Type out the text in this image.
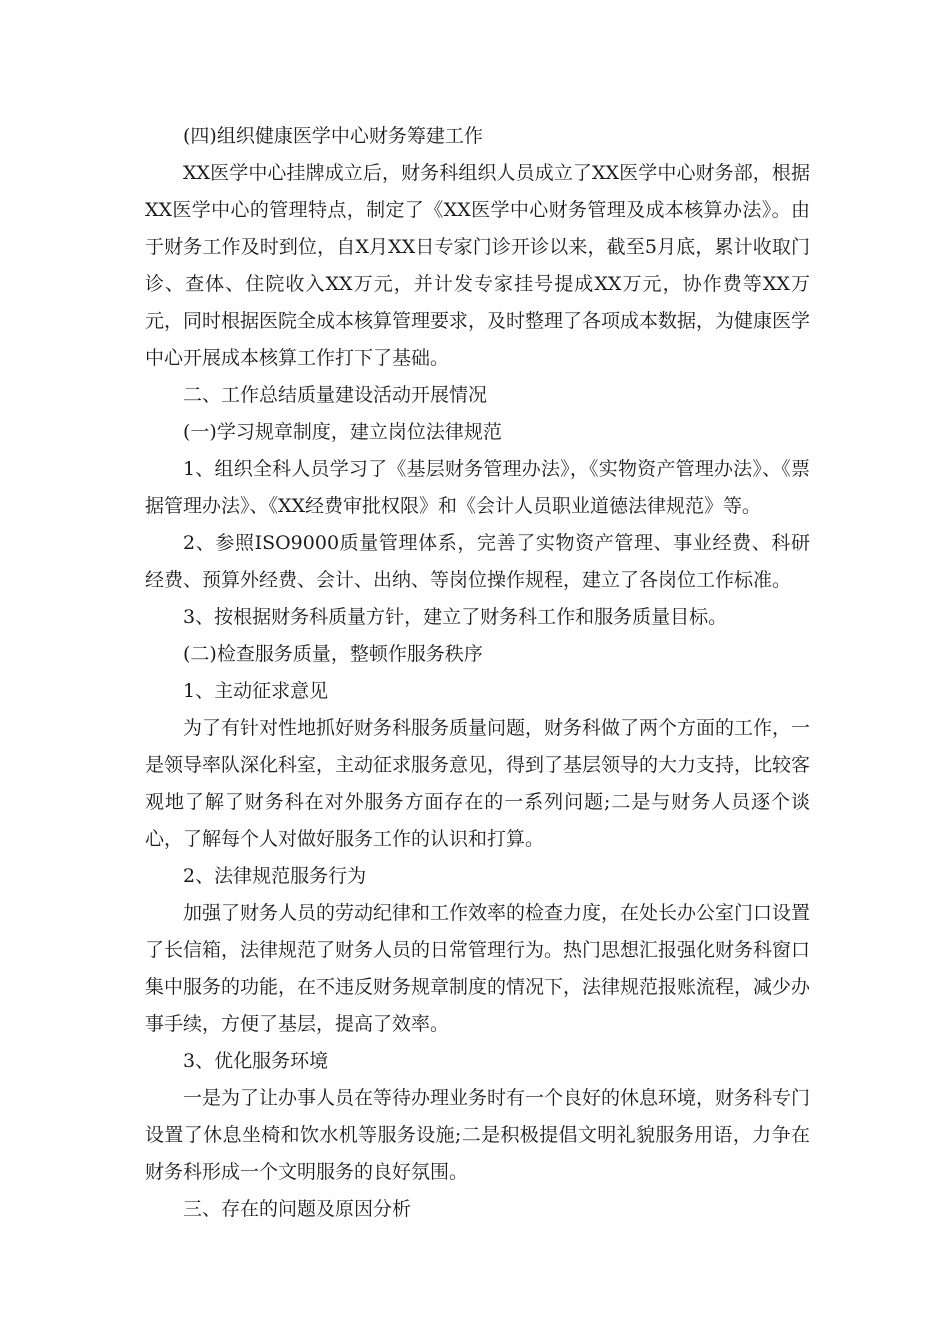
(四)组织健康医学中心财务筹建工作

XX医学中心挂牌成立后，财务科组织人员成立了XX医学中心财务部，根据XX医学中心的管理特点，制定了《XX医学中心财务管理及成本核算办法》。由于财务工作及时到位，自X月XX日专家门诊开诊以来，截至5月底，累计收取门诊、查体、住院收入XX万元，并计发专家挂号提成XX万元，协作费等XX万元，同时根据医院全成本核算管理要求，及时整理了各项成本数据，为健康医学中心开展成本核算工作打下了基础。

二、工作总结质量建设活动开展情况

(一)学习规章制度，建立岗位法律规范

1、组织全科人员学习了《基层财务管理办法》，《实物资产管理办法》、《票据管理办法》、《XX经费审批权限》和《会计人员职业道德法律规范》等。

2、参照ISO9000质量管理体系，完善了实物资产管理、事业经费、科研经费、预算外经费、会计、出纳、等岗位操作规程，建立了各岗位工作标准。

3、按根据财务科质量方针，建立了财务科工作和服务质量目标。

(二)检查服务质量，整顿作服务秩序

1、主动征求意见

为了有针对性地抓好财务科服务质量问题，财务科做了两个方面的工作，一是领导率队深化科室，主动征求服务意见，得到了基层领导的大力支持，比较客观地了解了财务科在对外服务方面存在的一系列问题;二是与财务人员逐个谈心，了解每个人对做好服务工作的认识和打算。

2、法律规范服务行为

加强了财务人员的劳动纪律和工作效率的检查力度，在处长办公室门口设置了长信箱，法律规范了财务人员的日常管理行为。热门思想汇报强化财务科窗口集中服务的功能，在不违反财务规章制度的情况下，法律规范报账流程，减少办事手续，方便了基层，提高了效率。

3、优化服务环境

一是为了让办事人员在等待办理业务时有一个良好的休息环境，财务科专门设置了休息坐椅和饮水机等服务设施;二是积极提倡文明礼貌服务用语，力争在财务科形成一个文明服务的良好氛围。

三、存在的问题及原因分析
